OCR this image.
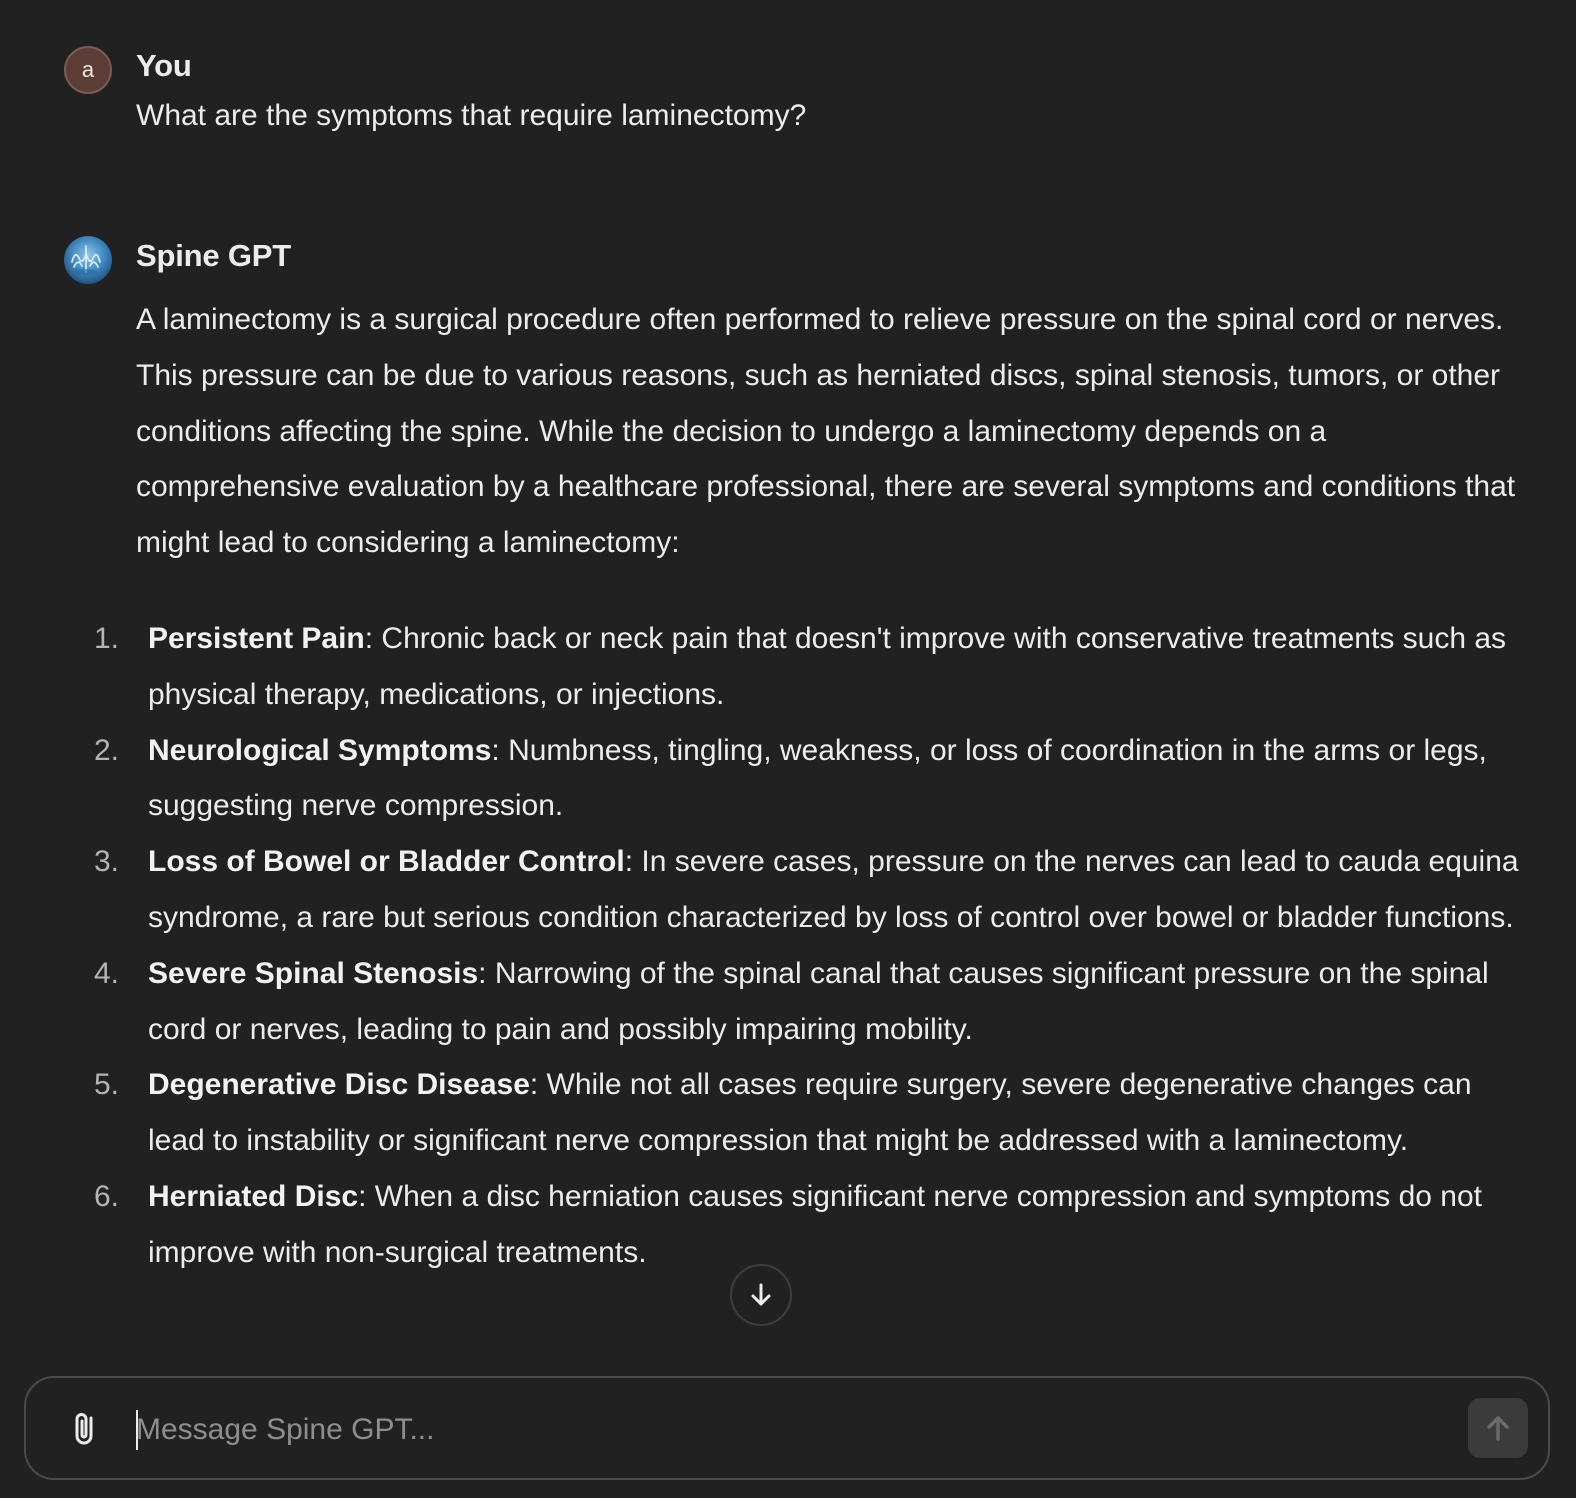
a You
What are the symptoms that require laminectomy?
Spine GPT

A laminectomy is a surgical procedure often performed to relieve pressure on the spinal cord or nerves. This pressure can be due to various reasons, such as herniated discs, spinal stenosis, tumors, or other conditions affecting the spine. While the decision to undergo a laminectomy depends on a comprehensive evaluation by a healthcare professional, there are several symptoms and conditions that might lead to considering a laminectomy:

1. Persistent Pain: Chronic back or neck pain that doesn't improve with conservative treatments such as physical therapy, medications, or injections.
2. Neurological Symptoms: Numbness, tingling, weakness, or loss of coordination in the arms or legs, suggesting nerve compression.
3. Loss of Bowel or Bladder Control: In severe cases, pressure on the nerves can lead to cauda equina syndrome, a rare but serious condition characterized by loss of control over bowel or bladder functions.
4. Severe Spinal Stenosis: Narrowing of the spinal canal that causes significant pressure on the spinal cord or nerves, leading to pain and possibly impairing mobility.
5. Degenerative Disc Disease: While not all cases require surgery, severe degenerative changes can lead to instability or significant nerve compression that might be addressed with a laminectomy.
6. Herniated Disc: When a disc herniation causes significant nerve compression and symptoms do not improve with non-surgical treatments.
Message Spine GPT...
